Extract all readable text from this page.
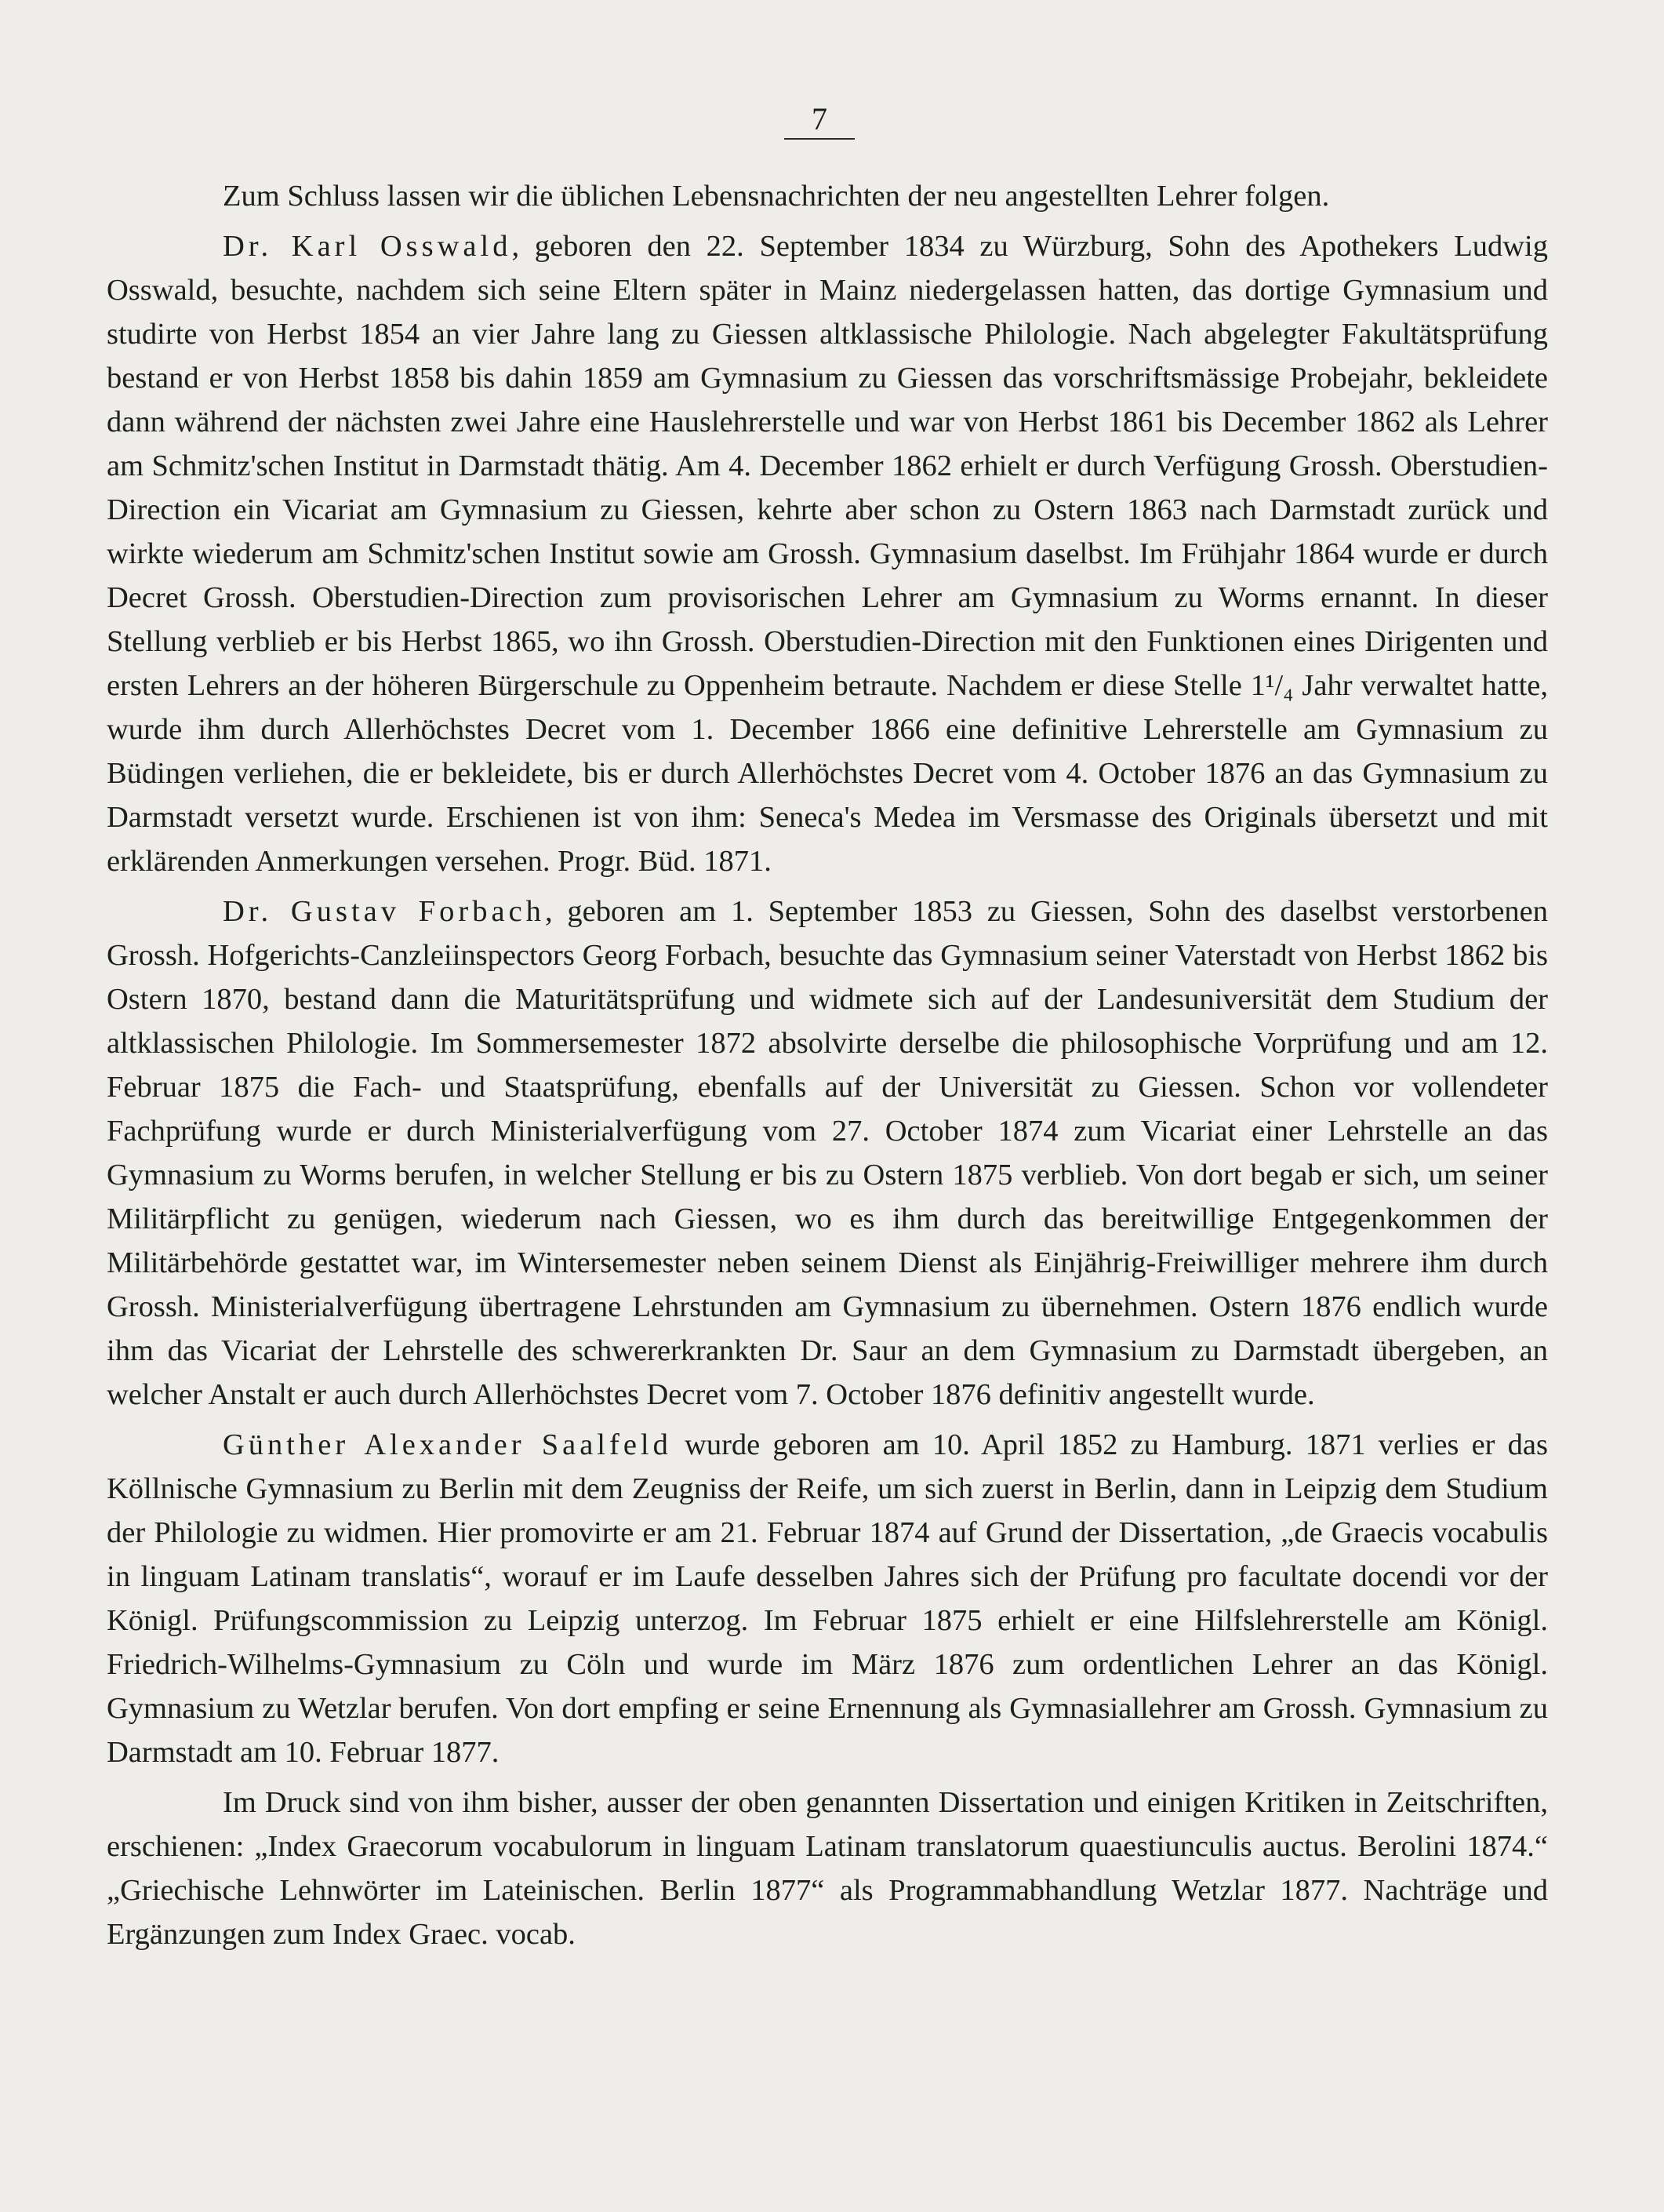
7

Zum Schluss lassen wir die üblichen Lebensnachrichten der neu angestellten Lehrer folgen.

Dr. Karl Osswald, geboren den 22. September 1834 zu Würzburg, Sohn des Apothekers Ludwig Osswald, besuchte, nachdem sich seine Eltern später in Mainz niedergelassen hatten, das dortige Gymnasium und studirte von Herbst 1854 an vier Jahre lang zu Giessen altklassische Philologie. Nach abgelegter Fakultätsprüfung bestand er von Herbst 1858 bis dahin 1859 am Gymnasium zu Giessen das vorschriftsmässige Probejahr, bekleidete dann während der nächsten zwei Jahre eine Hauslehrerstelle und war von Herbst 1861 bis December 1862 als Lehrer am Schmitz'schen Institut in Darmstadt thätig. Am 4. December 1862 erhielt er durch Verfügung Grossh. Oberstudien-Direction ein Vicariat am Gymnasium zu Giessen, kehrte aber schon zu Ostern 1863 nach Darmstadt zurück und wirkte wiederum am Schmitz'schen Institut sowie am Grossh. Gymnasium daselbst. Im Frühjahr 1864 wurde er durch Decret Grossh. Oberstudien-Direction zum provisorischen Lehrer am Gymnasium zu Worms ernannt. In dieser Stellung verblieb er bis Herbst 1865, wo ihn Grossh. Oberstudien-Direction mit den Funktionen eines Dirigenten und ersten Lehrers an der höheren Bürgerschule zu Oppenheim betraute. Nachdem er diese Stelle 1¹/₄ Jahr verwaltet hatte, wurde ihm durch Allerhöchstes Decret vom 1. December 1866 eine definitive Lehrerstelle am Gymnasium zu Büdingen verliehen, die er bekleidete, bis er durch Allerhöchstes Decret vom 4. October 1876 an das Gymnasium zu Darmstadt versetzt wurde. Erschienen ist von ihm: Seneca's Medea im Versmasse des Originals übersetzt und mit erklärenden Anmerkungen versehen. Progr. Büd. 1871.

Dr. Gustav Forbach, geboren am 1. September 1853 zu Giessen, Sohn des daselbst verstorbenen Grossh. Hofgerichts-Canzleiinspectors Georg Forbach, besuchte das Gymnasium seiner Vaterstadt von Herbst 1862 bis Ostern 1870, bestand dann die Maturitätsprüfung und widmete sich auf der Landesuniversität dem Studium der altklassischen Philologie. Im Sommersemester 1872 absolvirte derselbe die philosophische Vorprüfung und am 12. Februar 1875 die Fach- und Staatsprüfung, ebenfalls auf der Universität zu Giessen. Schon vor vollendeter Fachprüfung wurde er durch Ministerialverfügung vom 27. October 1874 zum Vicariat einer Lehrstelle an das Gymnasium zu Worms berufen, in welcher Stellung er bis zu Ostern 1875 verblieb. Von dort begab er sich, um seiner Militärpflicht zu genügen, wiederum nach Giessen, wo es ihm durch das bereitwillige Entgegenkommen der Militärbehörde gestattet war, im Wintersemester neben seinem Dienst als Einjährig-Freiwilliger mehrere ihm durch Grossh. Ministerialverfügung übertragene Lehrstunden am Gymnasium zu übernehmen. Ostern 1876 endlich wurde ihm das Vicariat der Lehrstelle des schwererkrankten Dr. Saur an dem Gymnasium zu Darmstadt übergeben, an welcher Anstalt er auch durch Allerhöchstes Decret vom 7. October 1876 definitiv angestellt wurde.

Günther Alexander Saalfeld wurde geboren am 10. April 1852 zu Hamburg. 1871 verlies er das Köllnische Gymnasium zu Berlin mit dem Zeugniss der Reife, um sich zuerst in Berlin, dann in Leipzig dem Studium der Philologie zu widmen. Hier promovirte er am 21. Februar 1874 auf Grund der Dissertation, „de Graecis vocabulis in linguam Latinam translatis“, worauf er im Laufe desselben Jahres sich der Prüfung pro facultate docendi vor der Königl. Prüfungscommission zu Leipzig unterzog. Im Februar 1875 erhielt er eine Hilfslehrerstelle am Königl. Friedrich-Wilhelms-Gymnasium zu Cöln und wurde im März 1876 zum ordentlichen Lehrer an das Königl. Gymnasium zu Wetzlar berufen. Von dort empfing er seine Ernennung als Gymnasiallehrer am Grossh. Gymnasium zu Darmstadt am 10. Februar 1877.

Im Druck sind von ihm bisher, ausser der oben genannten Dissertation und einigen Kritiken in Zeitschriften, erschienen: „Index Graecorum vocabulorum in linguam Latinam translatorum quaestiunculis auctus. Berolini 1874.“ „Griechische Lehnwörter im Lateinischen. Berlin 1877“ als Programmabhandlung Wetzlar 1877. Nachträge und Ergänzungen zum Index Graec. vocab.
